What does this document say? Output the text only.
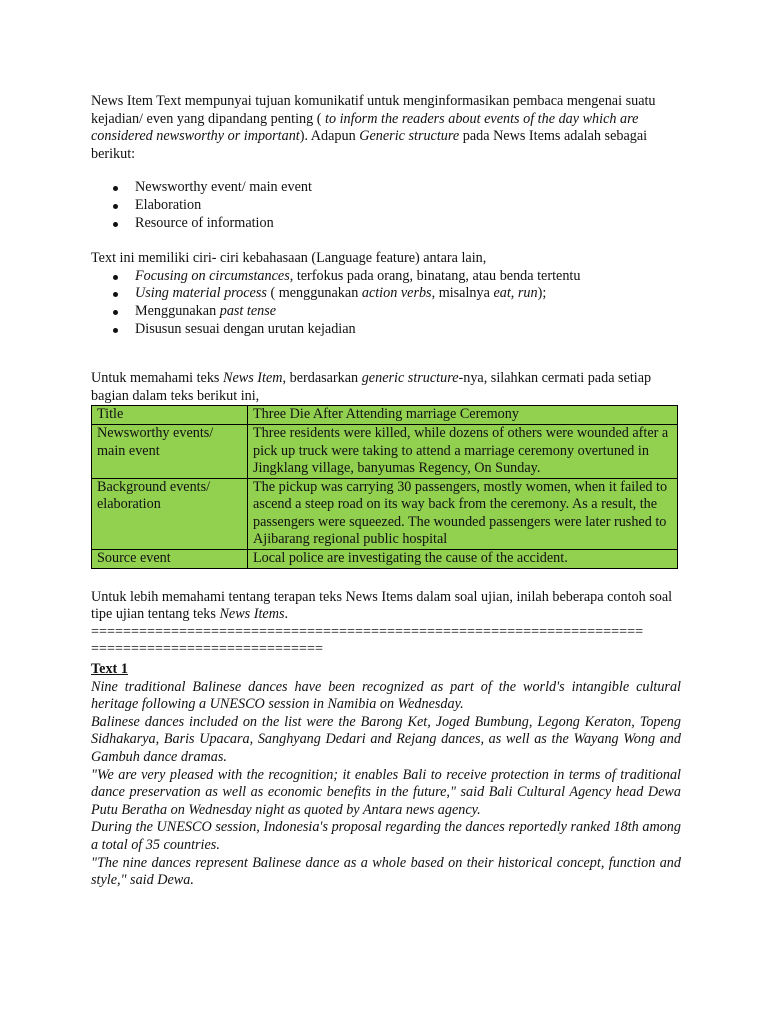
News Item Text mempunyai tujuan komunikatif untuk menginformasikan pembaca mengenai suatu kejadian/ even yang dipandang penting ( to inform the readers about events of the day which are considered newsworthy or important). Adapun Generic structure pada News Items adalah sebagai berikut:

Newsworthy event/ main event
Elaboration
Resource of information

Text ini memiliki ciri- ciri kebahasaan (Language feature) antara lain,

Focusing on circumstances, terfokus pada orang, binatang, atau benda tertentu
Using material process ( menggunakan action verbs, misalnya eat, run);
Menggunakan past tense
Disusun sesuai dengan urutan kejadian

Untuk memahami teks News Item, berdasarkan generic structure-nya, silahkan cermati pada setiap bagian dalam teks berikut ini,

Title	Three Die After Attending marriage Ceremony
Newsworthy events/ main event	Three residents were killed, while dozens of others were wounded after a pick up truck were taking to attend a marriage ceremony overtuned in Jingklang village, banyumas Regency, On Sunday.
Background events/ elaboration	The pickup was carrying 30 passengers, mostly women, when it failed to ascend a steep road on its way back from the ceremony. As a result, the passengers were squeezed. The wounded passengers were later rushed to Ajibarang regional public hospital
Source event	Local police are investigating the cause of the accident.

Untuk lebih memahami tentang terapan teks News Items dalam soal ujian, inilah beberapa contoh soal tipe ujian tentang teks News Items.

=====================================================================
=============================
Text 1

Nine traditional Balinese dances have been recognized as part of the world's intangible cultural heritage following a UNESCO session in Namibia on Wednesday.

Balinese dances included on the list were the Barong Ket, Joged Bumbung, Legong Keraton, Topeng Sidhakarya, Baris Upacara, Sanghyang Dedari and Rejang dances, as well as the Wayang Wong and Gambuh dance dramas.

"We are very pleased with the recognition; it enables Bali to receive protection in terms of traditional dance preservation as well as economic benefits in the future," said Bali Cultural Agency head Dewa Putu Beratha on Wednesday night as quoted by Antara news agency.

During the UNESCO session, Indonesia's proposal regarding the dances reportedly ranked 18th among a total of 35 countries.

"The nine dances represent Balinese dance as a whole based on their historical concept, function and style," said Dewa.
